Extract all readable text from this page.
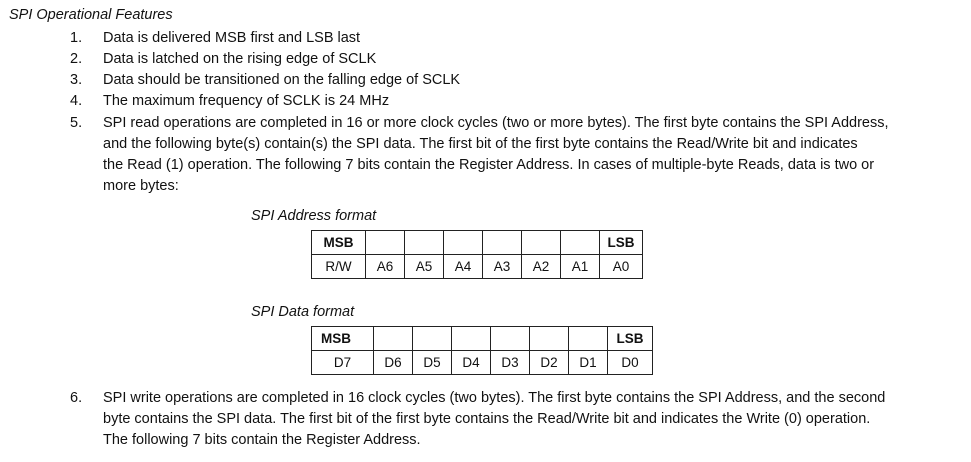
SPI Operational Features
1.	Data is delivered MSB first and LSB last
2.	Data is latched on the rising edge of SCLK
3.	Data should be transitioned on the falling edge of SCLK
4.	The maximum frequency of SCLK is 24 MHz
5.	SPI read operations are completed in 16 or more clock cycles (two or more bytes). The first byte contains the SPI Address,
and the following byte(s) contain(s) the SPI data. The first bit of the first byte contains the Read/Write bit and indicates
the Read (1) operation. The following 7 bits contain the Register Address. In cases of multiple-byte Reads, data is two or
more bytes:
SPI Address format
MSB							LSB
R/W	A6	A5	A4	A3	A2	A1	A0
SPI Data format
MSB							LSB
D7	D6	D5	D4	D3	D2	D1	D0
6.	SPI write operations are completed in 16 clock cycles (two bytes). The first byte contains the SPI Address, and the second
byte contains the SPI data. The first bit of the first byte contains the Read/Write bit and indicates the Write (0) operation.
The following 7 bits contain the Register Address.
